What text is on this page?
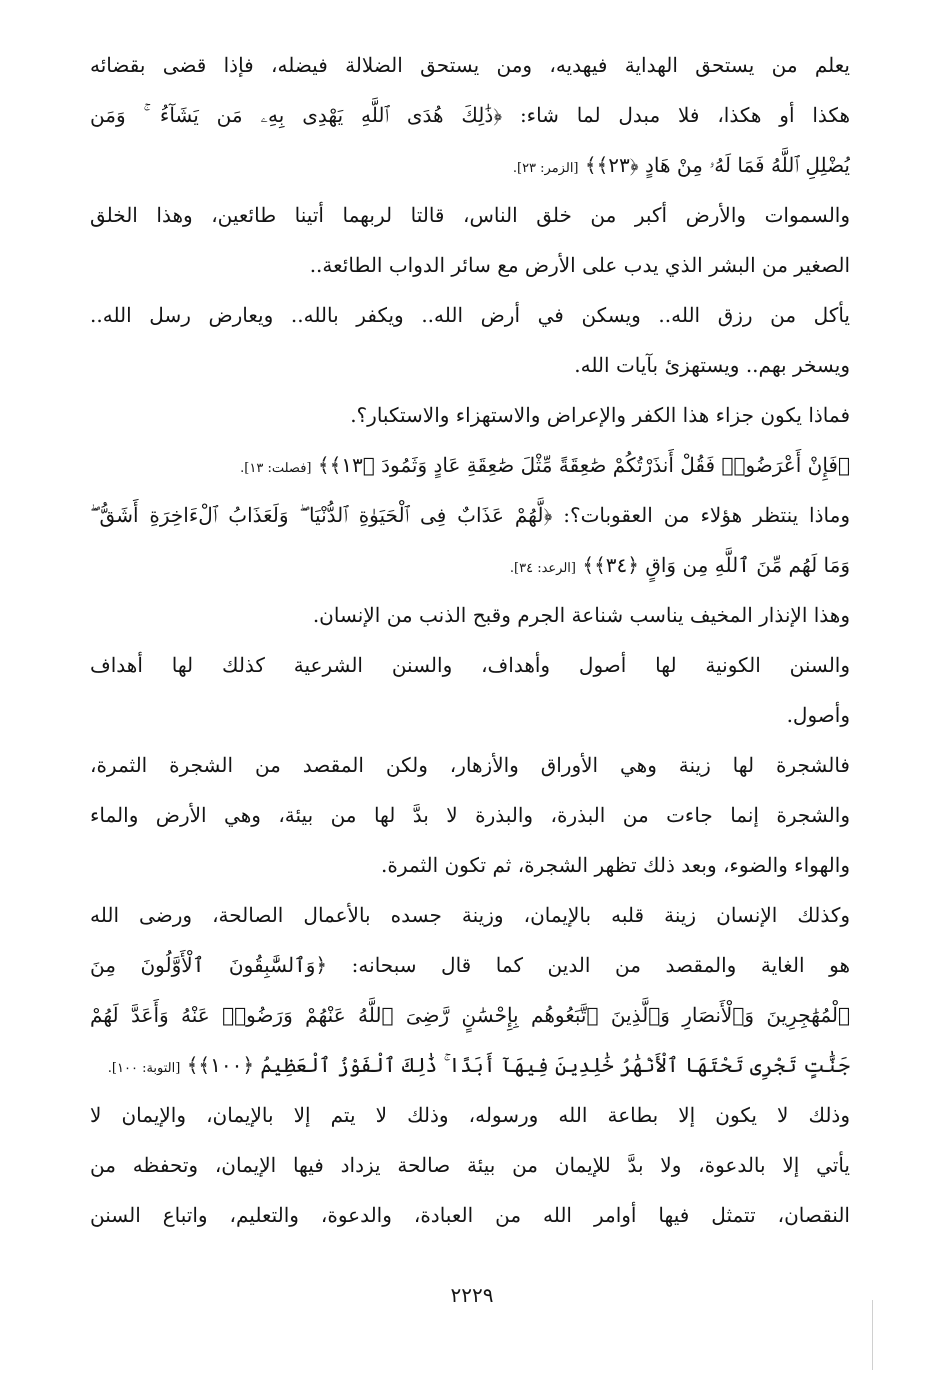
يعلم من يستحق الهداية فيهديه، ومن يستحق الضلالة فيضله، فإذا قضى بقضائه
هكذا أو هكذا، فلا مبدل لما شاء: ﴿ذَٰلِكَ هُدَى ٱللَّهِ يَهْدِى بِهِۦ مَن يَشَآءُ ۚ وَمَن
يُضْلِلِ ٱللَّهُ فَمَا لَهُۥ مِنْ هَادٍ ﴿٢٣﴾﴾ [الزمر: ٢٣].
والسموات والأرض أكبر من خلق الناس، قالتا لربهما أتينا طائعين، وهذا الخلق
الصغير من البشر الذي يدب على الأرض مع سائر الدواب الطائعة..
يأكل من رزق الله.. ويسكن في أرض الله.. ويكفر بالله.. ويعارض رسل الله..
ويسخر بهم.. ويستهزئ بآيات الله.
فماذا يكون جزاء هذا الكفر والإعراض والاستهزاء والاستكبار؟.
﴿فَإِنْ أَعْرَضُوا۟ فَقُلْ أَنذَرْتُكُمْ صَٰعِقَةً مِّثْلَ صَٰعِقَةِ عَادٍ وَثَمُودَ ﴿١٣﴾﴾ [فصلت: ١٣].
وماذا ينتظر هؤلاء من العقوبات؟: ﴿لَّهُمْ عَذَابٌ فِى ٱلْحَيَوٰةِ ٱلدُّنْيَا ۖ وَلَعَذَابُ ٱلْءَاخِرَةِ أَشَقُّ ۖ
وَمَا لَهُم مِّنَ ٱللَّهِ مِن وَاقٍ ﴿٣٤﴾﴾ [الرعد: ٣٤].
وهذا الإنذار المخيف يناسب شناعة الجرم وقبح الذنب من الإنسان.
والسنن الكونية لها أصول وأهداف، والسنن الشرعية كذلك لها أهداف
وأصول.
فالشجرة لها زينة وهي الأوراق والأزهار، ولكن المقصد من الشجرة الثمرة،
والشجرة إنما جاءت من البذرة، والبذرة لا بدَّ لها من بيئة، وهي الأرض والماء
والهواء والضوء، وبعد ذلك تظهر الشجرة، ثم تكون الثمرة.
وكذلك الإنسان زينة قلبه بالإيمان، وزينة جسده بالأعمال الصالحة، ورضى الله
هو الغاية والمقصد من الدين كما قال سبحانه: ﴿وَٱلسَّٰبِقُونَ ٱلْأَوَّلُونَ مِنَ
ٱلْمُهَٰجِرِينَ وَٱلْأَنصَارِ وَٱلَّذِينَ ٱتَّبَعُوهُم بِإِحْسَٰنٍ رَّضِىَ ٱللَّهُ عَنْهُمْ وَرَضُوا۟ عَنْهُ وَأَعَدَّ لَهُمْ
جَنَّٰتٍ تَجْرِى تَحْتَهَا ٱلْأَنْهَٰرُ خَٰلِدِينَ فِيهَآ أَبَدًا ۚ ذَٰلِكَ ٱلْفَوْزُ ٱلْعَظِيمُ ﴿١٠٠﴾﴾ [التوبة: ١٠٠].
وذلك لا يكون إلا بطاعة الله ورسوله، وذلك لا يتم إلا بالإيمان، والإيمان لا
يأتي إلا بالدعوة، ولا بدَّ للإيمان من بيئة صالحة يزداد فيها الإيمان، وتحفظه من
النقصان، تتمثل فيها أوامر الله من العبادة، والدعوة، والتعليم، واتباع السنن
٢٢٢٩
